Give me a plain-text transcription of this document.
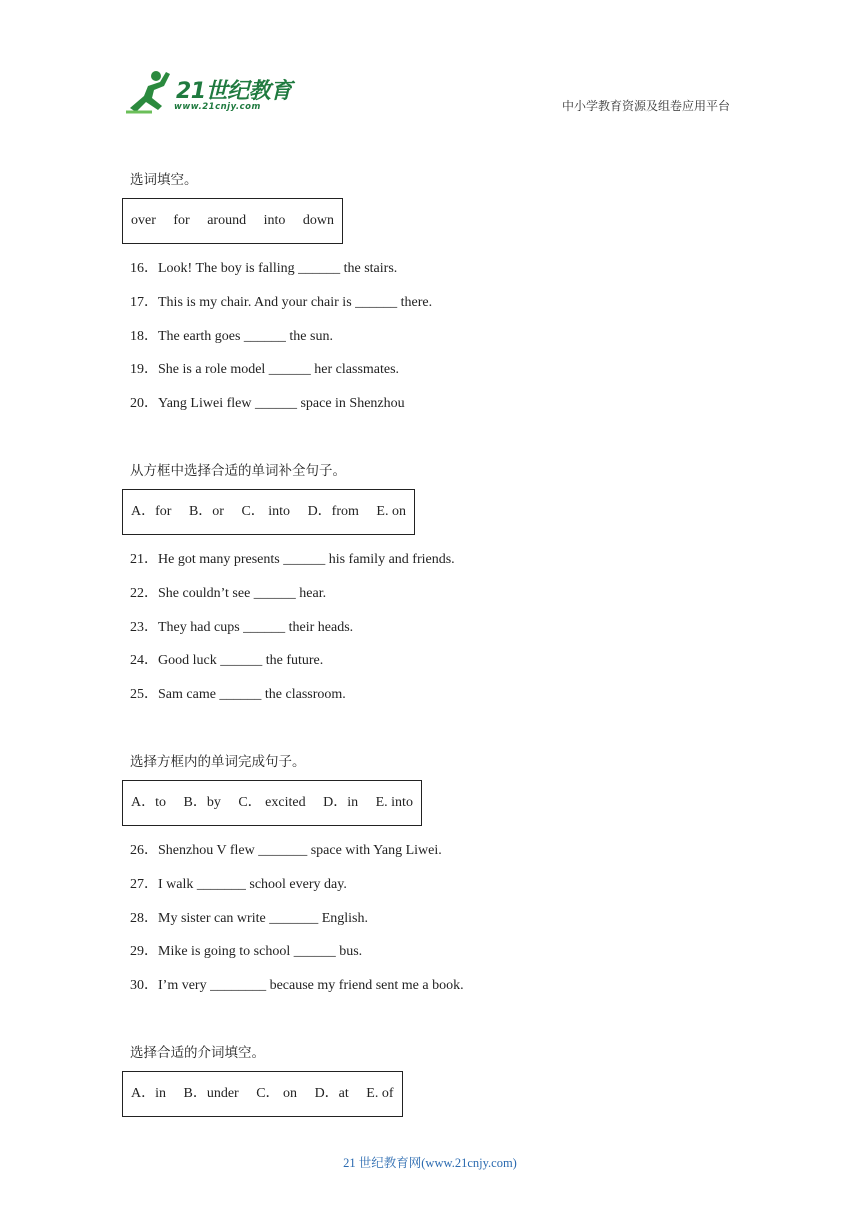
21世纪教育
www.21cnjy.com	中小学教育资源及组卷应用平台

选词填空。

over for around into down
16．Look! The boy is falling ______ the stairs.
17．This is my chair. And your chair is ______ there.
18．The earth goes ______ the sun.
19．She is a role model ______ her classmates.
20．Yang Liwei flew ______ space in Shenzhou

从方框中选择合适的单词补全句子。

A．for B．or C． into D．from E. on
21．He got many presents ______ his family and friends.
22．She couldn’t see ______ hear.
23．They had cups ______ their heads.
24．Good luck ______ the future.
25．Sam came ______ the classroom.

选择方框内的单词完成句子。

A．to B．by C． excited D．in E. into
26．Shenzhou V flew _______ space with Yang Liwei.
27．I walk _______ school every day.
28．My sister can write _______ English.
29．Mike is going to school ______ bus.
30．I’m very ________ because my friend sent me a book.

选择合适的介词填空。

A．in B．under C． on D．at E. of
21 世纪教育网(www.21cnjy.com)
